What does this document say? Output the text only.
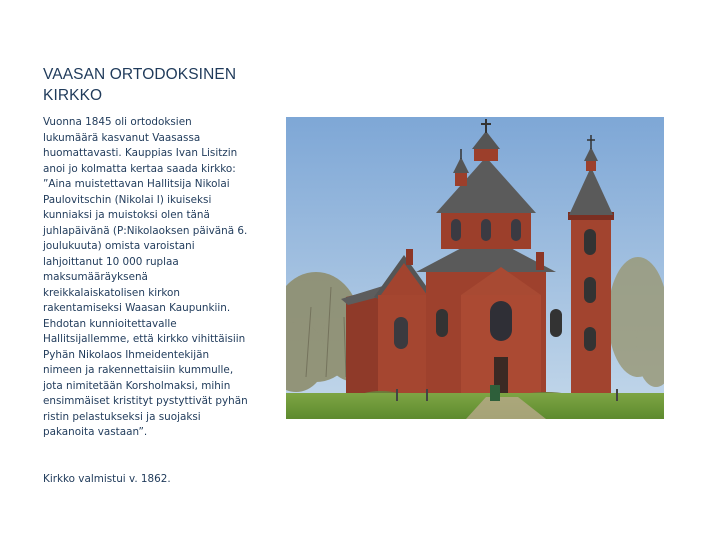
VAASAN ORTODOKSINEN
KIRKKO

Vuonna 1845 oli ortodoksien

lukumäärä kasvanut Vaasassa

huomattavasti. Kauppias Ivan Lisitzin

anoi jo kolmatta kertaa saada kirkko:

”Aina muistettavan Hallitsija Nikolai

Paulovitschin (Nikolai I) ikuiseksi

kunniaksi ja muistoksi olen tänä

juhlapäivänä (P:Nikolaoksen päivänä 6.

joulukuuta) omista varoistani

lahjoittanut 10 000 ruplaa

maksumääräyksenä

kreikkalaiskatolisen kirkon

rakentamiseksi Waasan Kaupunkiin.

Ehdotan kunnioitettavalle

Hallitsijallemme, että kirkko vihittäisiin

Pyhän Nikolaos Ihmeidentekijän

nimeen ja rakennettaisiin kummulle,

jota nimitetään Korsholmaksi, mihin

ensimmäiset kristityt pystyttivät pyhän

ristin pelastukseksi ja suojaksi

pakanoita vastaan”.

Kirkko valmistui v. 1862.
